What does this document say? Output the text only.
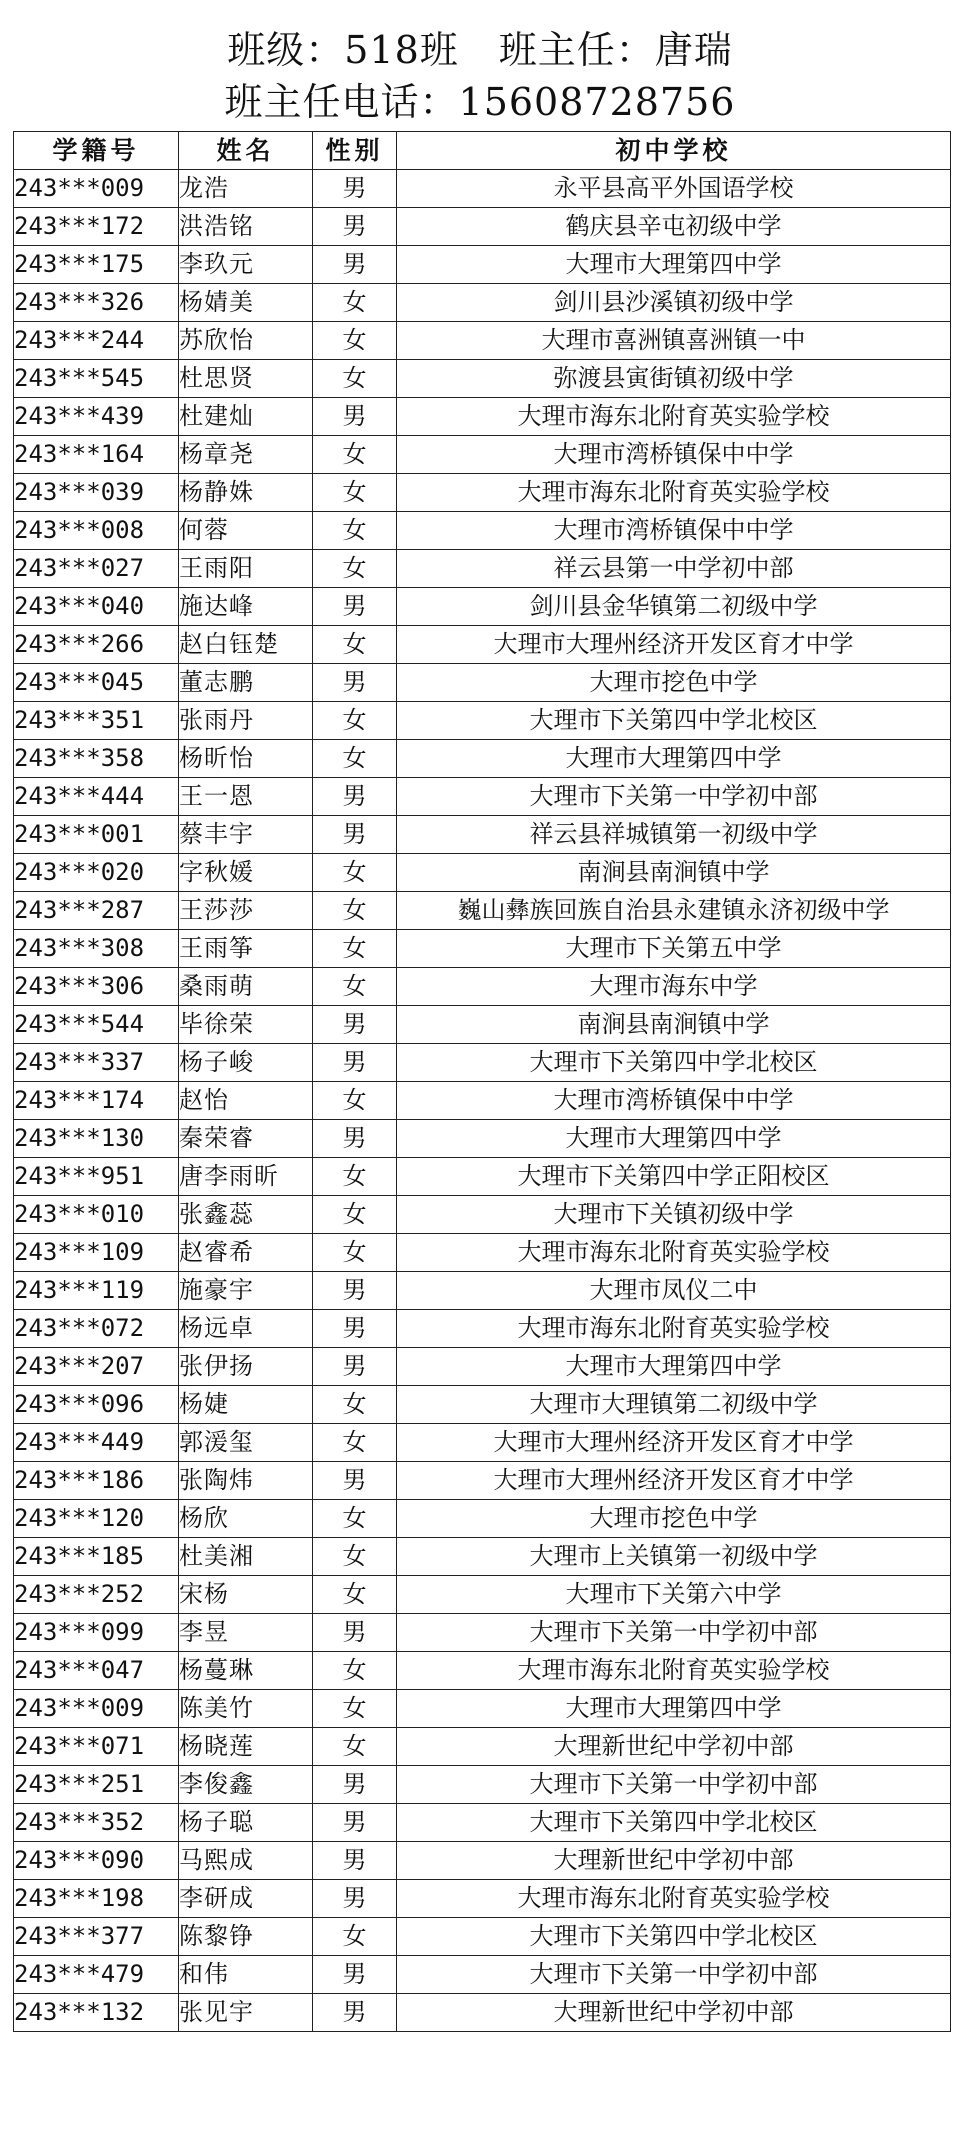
班级：518班 班主任：唐瑞
班主任电话：15608728756
学籍号	姓名	性别	初中学校
243***009	龙浩	男	永平县高平外国语学校
243***172	洪浩铭	男	鹤庆县辛屯初级中学
243***175	李玖元	男	大理市大理第四中学
243***326	杨婧美	女	剑川县沙溪镇初级中学
243***244	苏欣怡	女	大理市喜洲镇喜洲镇一中
243***545	杜思贤	女	弥渡县寅街镇初级中学
243***439	杜建灿	男	大理市海东北附育英实验学校
243***164	杨章尧	女	大理市湾桥镇保中中学
243***039	杨静姝	女	大理市海东北附育英实验学校
243***008	何蓉	女	大理市湾桥镇保中中学
243***027	王雨阳	女	祥云县第一中学初中部
243***040	施达峰	男	剑川县金华镇第二初级中学
243***266	赵白钰楚	女	大理市大理州经济开发区育才中学
243***045	董志鹏	男	大理市挖色中学
243***351	张雨丹	女	大理市下关第四中学北校区
243***358	杨昕怡	女	大理市大理第四中学
243***444	王一恩	男	大理市下关第一中学初中部
243***001	蔡丰宇	男	祥云县祥城镇第一初级中学
243***020	字秋媛	女	南涧县南涧镇中学
243***287	王莎莎	女	巍山彝族回族自治县永建镇永济初级中学
243***308	王雨筝	女	大理市下关第五中学
243***306	桑雨萌	女	大理市海东中学
243***544	毕徐荣	男	南涧县南涧镇中学
243***337	杨子峻	男	大理市下关第四中学北校区
243***174	赵怡	女	大理市湾桥镇保中中学
243***130	秦荣睿	男	大理市大理第四中学
243***951	唐李雨昕	女	大理市下关第四中学正阳校区
243***010	张鑫蕊	女	大理市下关镇初级中学
243***109	赵睿希	女	大理市海东北附育英实验学校
243***119	施豪宇	男	大理市凤仪二中
243***072	杨远卓	男	大理市海东北附育英实验学校
243***207	张伊扬	男	大理市大理第四中学
243***096	杨婕	女	大理市大理镇第二初级中学
243***449	郭湲玺	女	大理市大理州经济开发区育才中学
243***186	张陶炜	男	大理市大理州经济开发区育才中学
243***120	杨欣	女	大理市挖色中学
243***185	杜美湘	女	大理市上关镇第一初级中学
243***252	宋杨	女	大理市下关第六中学
243***099	李昱	男	大理市下关第一中学初中部
243***047	杨蔓琳	女	大理市海东北附育英实验学校
243***009	陈美竹	女	大理市大理第四中学
243***071	杨晓莲	女	大理新世纪中学初中部
243***251	李俊鑫	男	大理市下关第一中学初中部
243***352	杨子聪	男	大理市下关第四中学北校区
243***090	马熙成	男	大理新世纪中学初中部
243***198	李研成	男	大理市海东北附育英实验学校
243***377	陈黎铮	女	大理市下关第四中学北校区
243***479	和伟	男	大理市下关第一中学初中部
243***132	张见宇	男	大理新世纪中学初中部
